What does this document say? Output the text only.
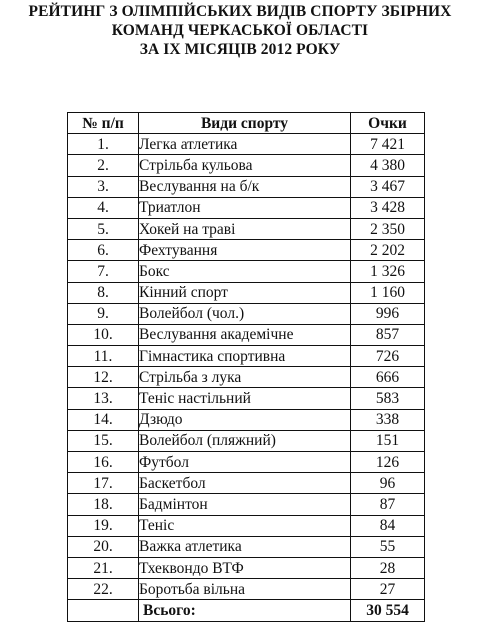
РЕЙТИНГ З ОЛІМПІЙСЬКИХ ВИДІВ СПОРТУ ЗБІРНИХ
КОМАНД ЧЕРКАСЬКОЇ ОБЛАСТІ
ЗА ІХ МІСЯЦІВ 2012 РОКУ
№ п/п	Види спорту	Очки
1.	Легка атлетика	7 421
2.	Стрільба кульова	4 380
3.	Веслування на б/к	3 467
4.	Триатлон	3 428
5.	Хокей на траві	2 350
6.	Фехтування	2 202
7.	Бокс	1 326
8.	Кінний спорт	1 160
9.	Волейбол (чол.)	996
10.	Веслування академічне	857
11.	Гімнастика спортивна	726
12.	Стрільба з лука	666
13.	Теніс настільний	583
14.	Дзюдо	338
15.	Волейбол (пляжний)	151
16.	Футбол	126
17.	Баскетбол	96
18.	Бадмінтон	87
19.	Теніс	84
20.	Важка атлетика	55
21.	Тхеквондо ВТФ	28
22.	Боротьба вільна	27
	Всього:	30 554
